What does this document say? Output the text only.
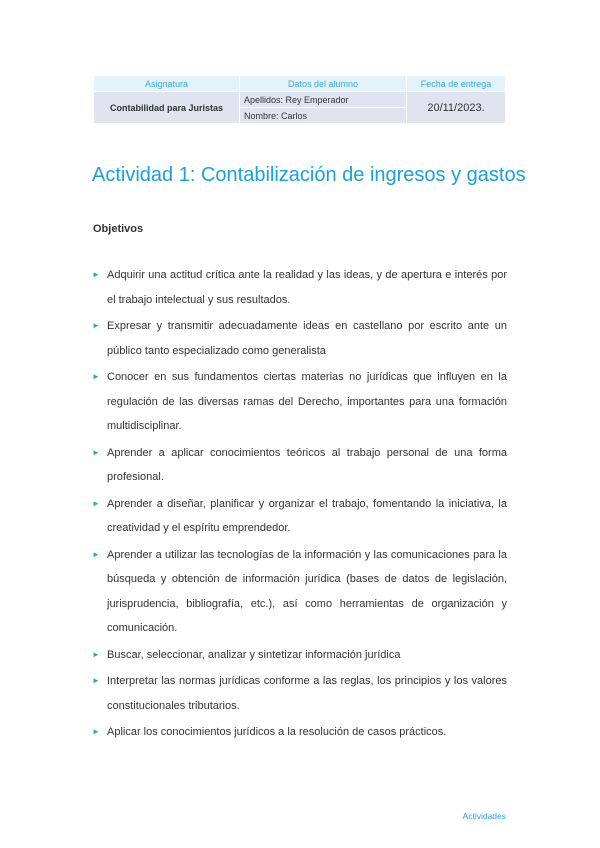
Asignatura	Datos del alumno	Fecha de entrega
Contabilidad para Juristas	Apellidos: Rey Emperador	20/11/2023.
	Nombre: Carlos	
Actividad 1: Contabilización de ingresos y gastos
Objetivos
► Adquirir una actitud crítica ante la realidad y las ideas, y de apertura e interés por el trabajo intelectual y sus resultados.
► Expresar y transmitir adecuadamente ideas en castellano por escrito ante un público tanto especializado como generalista
► Conocer en sus fundamentos ciertas materias no jurídicas que influyen en la regulación de las diversas ramas del Derecho, importantes para una formación multidisciplinar.
► Aprender a aplicar conocimientos teóricos al trabajo personal de una forma profesional.
► Aprender a diseñar, planificar y organizar el trabajo, fomentando la iniciativa, la creatividad y el espíritu emprendedor.
► Aprender a utilizar las tecnologías de la información y las comunicaciones para la búsqueda y obtención de información jurídica (bases de datos de legislación, jurisprudencia, bibliografía, etc.), así como herramientas de organización y comunicación.
► Buscar, seleccionar, analizar y sintetizar información jurídica
► Interpretar las normas jurídicas conforme a las reglas, los principios y los valores constitucionales tributarios.
► Aplicar los conocimientos jurídicos a la resolución de casos prácticos.
Actividades
